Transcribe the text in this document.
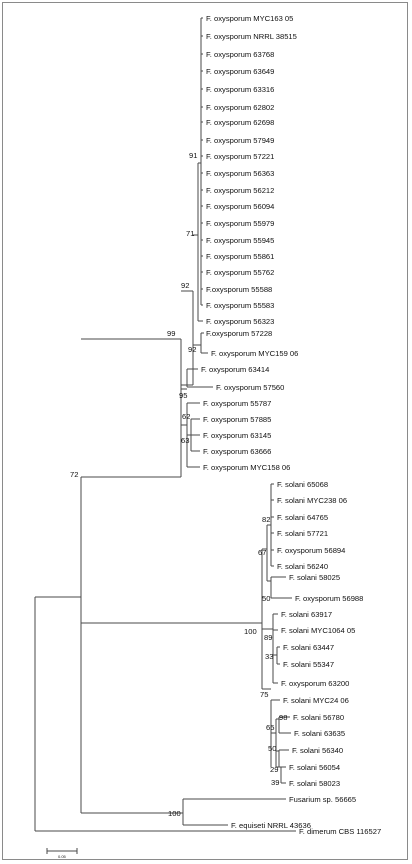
F. oxysporum MYC163 05
F. oxysporum NRRL 38515
F. oxysporum 63768
F. oxysporum 63649
F. oxysporum 63316
F. oxysporum 62802
F. oxysporum 62698
F. oxysporum 57949
F. oxysporum 57221
F. oxysporum 56363
F. oxysporum 56212
F. oxysporum 56094
F. oxysporum 55979
F. oxysporum 55945
F. oxysporum 55861
F. oxysporum 55762
F.oxysporum 55588
F. oxysporum 55583
F. oxysporum 56323
F.oxysporum 57228
F. oxysporum MYC159 06
F. oxysporum 63414
F. oxysporum 57560
F. oxysporum 55787
F. oxysporum 57885
F. oxysporum 63145
F. oxysporum 63666
F. oxysporum MYC158 06
F. solani 65068
F. solani MYC238 06
F. solani 64765
F. solani 57721
F. oxysporum 56894
F. solani 56240
F. solani 58025
F. oxysporum 56988
F. solani 63917
F. solani MYC1064 05
F. solani 63447
F. solani 55347
F. oxysporum 63200
F. solani MYC24 06
F. solani 56780
F. solani 63635
F. solani 56340
F. solani 56054
F. solani 58023
Fusarium sp. 56665
F. equiseti NRRL 43636
F. dimerum CBS 116527
91
71
92
99
92
95
62
63
72
82
67
50
100
89
33
75
98
65
50
29
39
100
0.05
